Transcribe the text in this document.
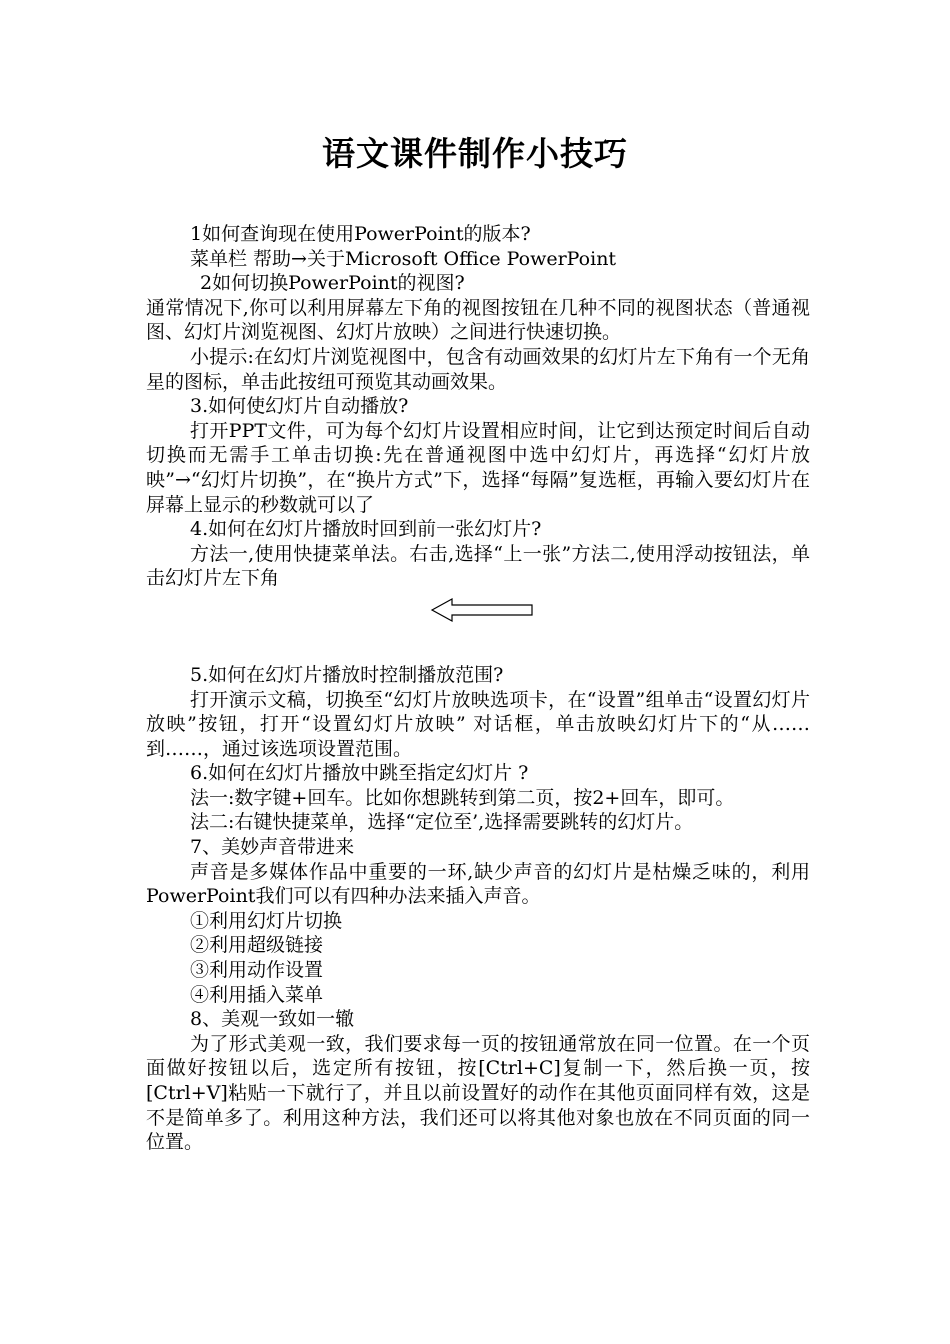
语文课件制作小技巧

1如何查询现在使用PowerPoint的版本?

菜单栏 帮助→关于Microsoft Office PowerPoint

2如何切换PowerPoint的视图?

通常情况下,你可以利用屏幕左下角的视图按钮在几种不同的视图状态（普通视图、幻灯片浏览视图、幻灯片放映）之间进行快速切换。

小提示:在幻灯片浏览视图中，包含有动画效果的幻灯片左下角有一个无角星的图标，单击此按纽可预览其动画效果。

3.如何使幻灯片自动播放?

打开PPT文件，可为每个幻灯片设置相应时间，让它到达预定时间后自动切换而无需手工单击切换:先在普通视图中选中幻灯片，再选择“幻灯片放映”→“幻灯片切换”，在“换片方式”下，选择“每隔”复选框，再输入要幻灯片在屏幕上显示的秒数就可以了

4.如何在幻灯片播放时回到前一张幻灯片?

方法一,使用快捷菜单法。右击,选择“上一张”方法二,使用浮动按钮法，单击幻灯片左下角

5.如何在幻灯片播放时控制播放范围?

打开演示文稿，切换至“幻灯片放映选项卡，在“设置”组单击“设置幻灯片放映”按钮，打开“设置幻灯片放映” 对话框，单击放映幻灯片下的“从……到……，通过该选项设置范围。

6.如何在幻灯片播放中跳至指定幻灯片 ?

法一:数字键+回车。比如你想跳转到第二页，按2+回车，即可。

法二:右键快捷菜单，选择“定位至’,选择需要跳转的幻灯片。

7、美妙声音带进来

声音是多媒体作品中重要的一环,缺少声音的幻灯片是枯燥乏味的，利用PowerPoint我们可以有四种办法来插入声音。

①利用幻灯片切换

②利用超级链接

③利用动作设置

④利用插入菜单

8、美观一致如一辙

为了形式美观一致，我们要求每一页的按钮通常放在同一位置。在一个页面做好按钮以后，选定所有按钮，按[Ctrl+C]复制一下，然后换一页，按[Ctrl+V]粘贴一下就行了，并且以前设置好的动作在其他页面同样有效，这是不是简单多了。利用这种方法，我们还可以将其他对象也放在不同页面的同一位置。
